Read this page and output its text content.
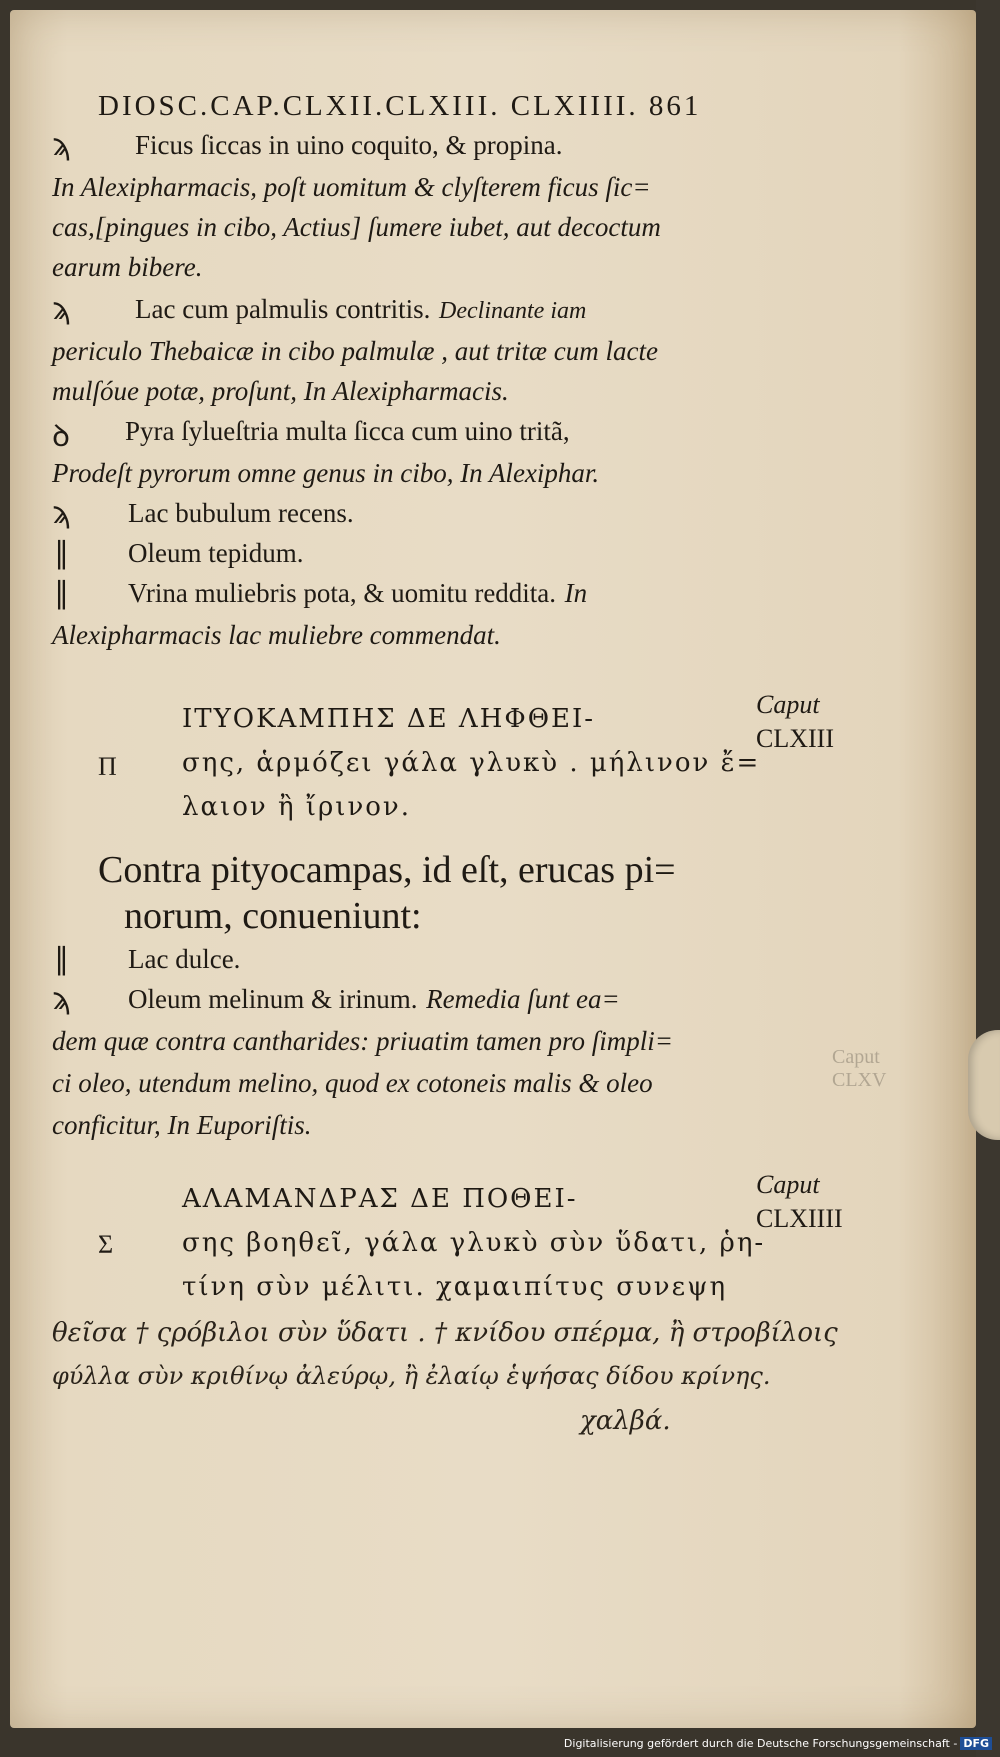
DIOSC.CAP.CLXII.CLXIII. CLXIIII. 861
ϡ Ficus ſiccas in uino coquito, & propina.
In Alexipharmacis, poſt uomitum & clyſterem ficus ſic=
cas,[pingues in cibo, Actius] ſumere iubet, aut decoctum
earum bibere.
ϡ Lac cum palmulis contritis. Declinante iam
periculo Thebaicæ in cibo palmulæ , aut tritæ cum lacte
mulſóue potæ, proſunt, In Alexipharmacis.
ꝺ Pyra ſylueſtria multa ſicca cum uino tritã,
Prodeſt pyrorum omne genus in cibo, In Alexiphar.
ϡ Lac bubulum recens.
∥ Oleum tepidum.
∥ Vrina muliebris pota, & uomitu reddita. In
Alexipharmacis lac muliebre commendat.
Π
ΙΤΥΟΚΑΜΠΗΣ ΔΕ ΛΗΦΘΕΙ-
σης, ἁρμόζει γάλα γλυκὺ . μήλινον ἔ=
λαιον ἢ ἴρινον.
Caput
CLXIII
Contra pityocampas, id eſt, erucas pi=
norum, conueniunt:
∥ Lac dulce.
ϡ Oleum melinum & irinum. Remedia ſunt ea=
dem quæ contra cantharides: priuatim tamen pro ſimpli=
ci oleo, utendum melino, quod ex cotoneis malis & oleo
conficitur, In Euporiſtis.
Caput CLXV
Σ
ΑΛΑΜΑΝΔΡΑΣ ΔΕ ΠΟΘΕΙ-
σης βοηθεῖ, γάλα γλυκὺ σὺν ὕδατι, ῥη-
τίνη σὺν μέλιτι. χαμαιπίτυς συνεψη
Caput
CLXIIII
θεῖσα † ςρόβιλοι σὺν ὕδατι . † κνίδου σπέρμα, ἢ στροβίλοις
φύλλα σὺν κριθίνῳ ἀλεύρῳ, ἢ ἐλαίῳ ἑψήσας δίδου κρίνης.
χαλβά.
Digitalisierung gefördert durch die Deutsche Forschungsgemeinschaft - DFG
